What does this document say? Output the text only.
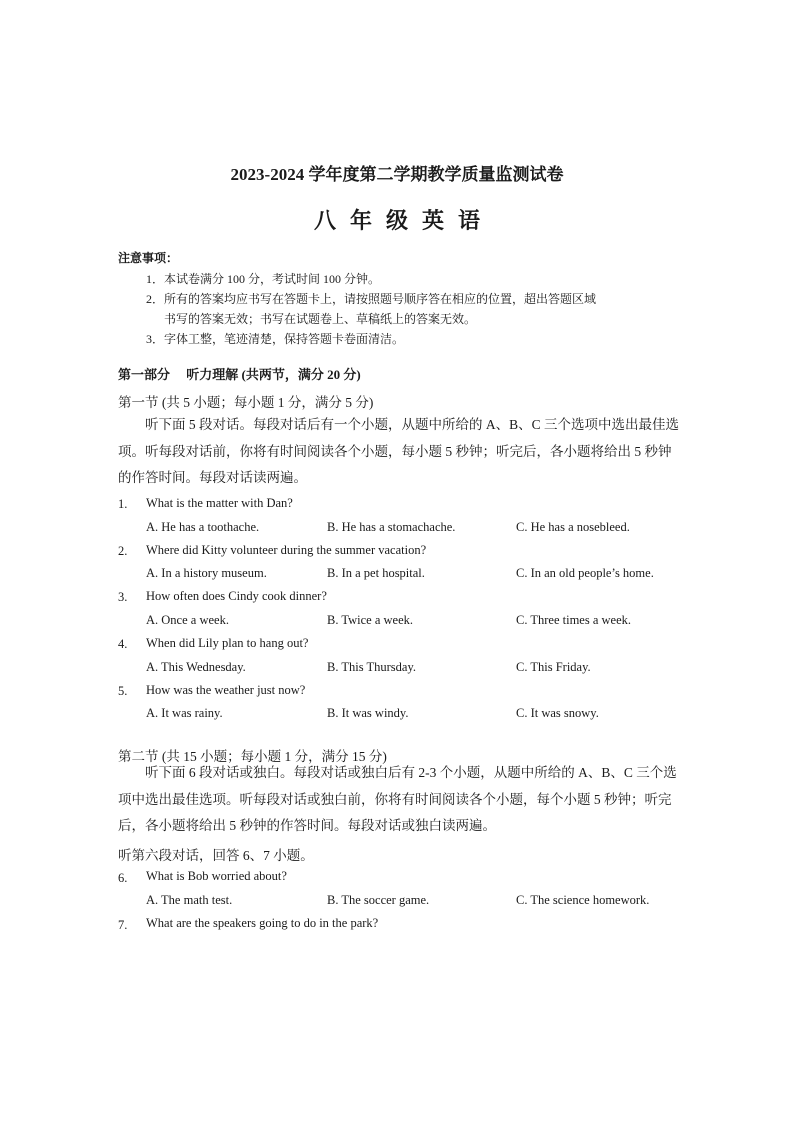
2023-2024 学年度第二学期教学质量监测试卷
八年级英语
注意事项：
1．本试卷满分 100 分，考试时间 100 分钟。
2．所有的答案均应书写在答题卡上，请按照题号顺序答在相应的位置，超出答题区域
书写的答案无效；书写在试题卷上、草稿纸上的答案无效。
3．字体工整，笔迹清楚，保持答题卡卷面清洁。
第一部分　 听力理解 (共两节，满分 20 分)
第一节 (共 5 小题；每小题 1 分，满分 5 分)
听下面 5 段对话。每段对话后有一个小题，从题中所给的 A、B、C 三个选项中选出最佳选项。听每段对话前，你将有时间阅读各个小题，每小题 5 秒钟；听完后，各小题将给出 5 秒钟的作答时间。每段对话读两遍。
1. What is the matter with Dan?
A. He has a toothache.	B. He has a stomachache.	C. He has a nosebleed.
2. Where did Kitty volunteer during the summer vacation?
A. In a history museum.	B. In a pet hospital.	C. In an old people’s home.
3. How often does Cindy cook dinner?
A. Once a week.	B. Twice a week.	C. Three times a week.
4. When did Lily plan to hang out?
A. This Wednesday.	B. This Thursday.	C. This Friday.
5. How was the weather just now?
A. It was rainy.	B. It was windy.	C. It was snowy.
第二节 (共 15 小题；每小题 1 分，满分 15 分)
听下面 6 段对话或独白。每段对话或独白后有 2-3 个小题，从题中所给的 A、B、C 三个选项中选出最佳选项。听每段对话或独白前，你将有时间阅读各个小题，每个小题 5 秒钟；听完后，各小题将给出 5 秒钟的作答时间。每段对话或独白读两遍。
听第六段对话，回答 6、7 小题。
6. What is Bob worried about?
A. The math test.	B. The soccer game.	C. The science homework.
7. What are the speakers going to do in the park?
